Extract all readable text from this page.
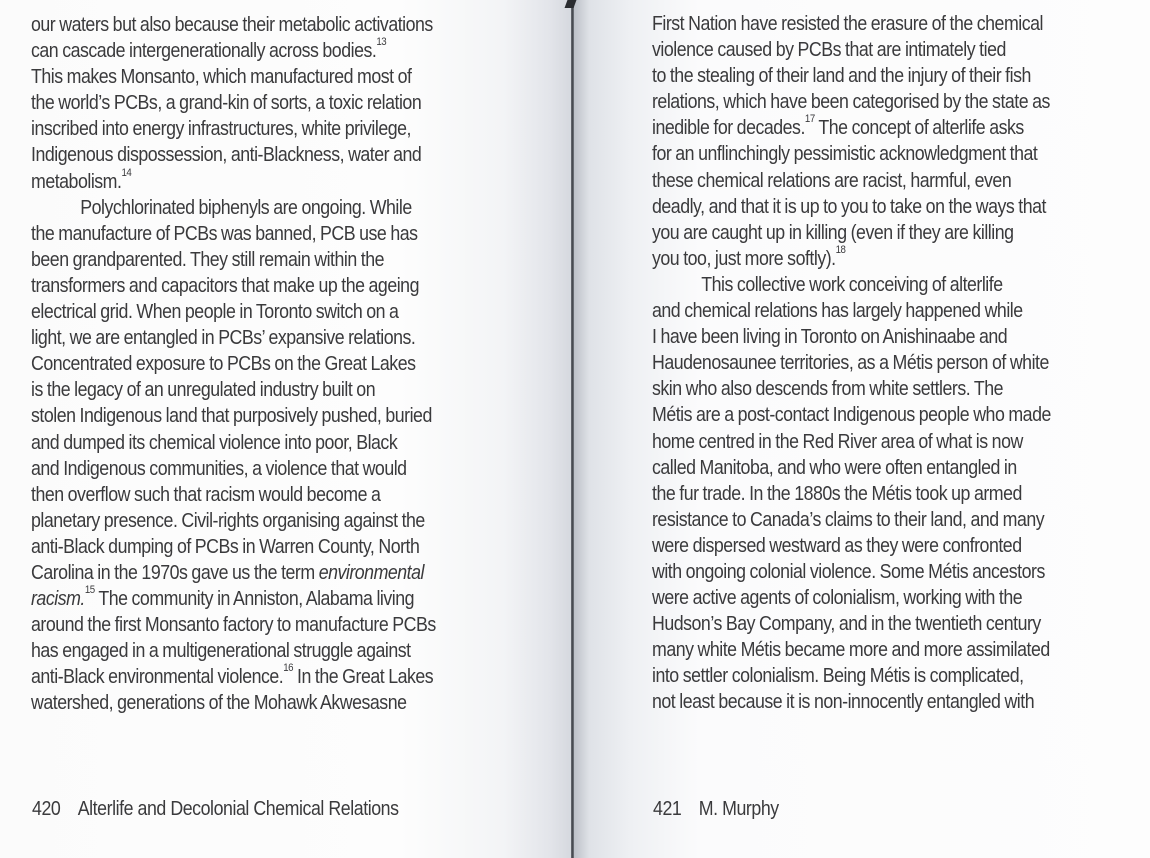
our waters but also because their metabolic activations
can cascade intergenerationally across bodies.$^{13}$
This makes Monsanto, which manufactured most of
the world’s PCBs, a grand-kin of sorts, a toxic relation
inscribed into energy infrastructures, white privilege,
Indigenous dispossession, anti-Blackness, water and
metabolism.$^{14}$
Polychlorinated biphenyls are ongoing. While
the manufacture of PCBs was banned, PCB use has
been grandparented. They still remain within the
transformers and capacitors that make up the ageing
electrical grid. When people in Toronto switch on a
light, we are entangled in PCBs’ expansive relations.
Concentrated exposure to PCBs on the Great Lakes
is the legacy of an unregulated industry built on
stolen Indigenous land that purposively pushed, buried
and dumped its chemical violence into poor, Black
and Indigenous communities, a violence that would
then overflow such that racism would become a
planetary presence. Civil-rights organising against the
anti-Black dumping of PCBs in Warren County, North
Carolina in the 1970s gave us the term environmental
racism.$^{15}$ The community in Anniston, Alabama living
around the first Monsanto factory to manufacture PCBs
has engaged in a multigenerational struggle against
anti-Black environmental violence.$^{16}$ In the Great Lakes
watershed, generations of the Mohawk Akwesasne
420 Alterlife and Decolonial Chemical Relations
First Nation have resisted the erasure of the chemical
violence caused by PCBs that are intimately tied
to the stealing of their land and the injury of their fish
relations, which have been categorised by the state as
inedible for decades.$^{17}$ The concept of alterlife asks
for an unflinchingly pessimistic acknowledgment that
these chemical relations are racist, harmful, even
deadly, and that it is up to you to take on the ways that
you are caught up in killing (even if they are killing
you too, just more softly).$^{18}$
This collective work conceiving of alterlife
and chemical relations has largely happened while
I have been living in Toronto on Anishinaabe and
Haudenosaunee territories, as a Métis person of white
skin who also descends from white settlers. The
Métis are a post-contact Indigenous people who made
home centred in the Red River area of what is now
called Manitoba, and who were often entangled in
the fur trade. In the 1880s the Métis took up armed
resistance to Canada’s claims to their land, and many
were dispersed westward as they were confronted
with ongoing colonial violence. Some Métis ancestors
were active agents of colonialism, working with the
Hudson’s Bay Company, and in the twentieth century
many white Métis became more and more assimilated
into settler colonialism. Being Métis is complicated,
not least because it is non-innocently entangled with
421 M. Murphy
